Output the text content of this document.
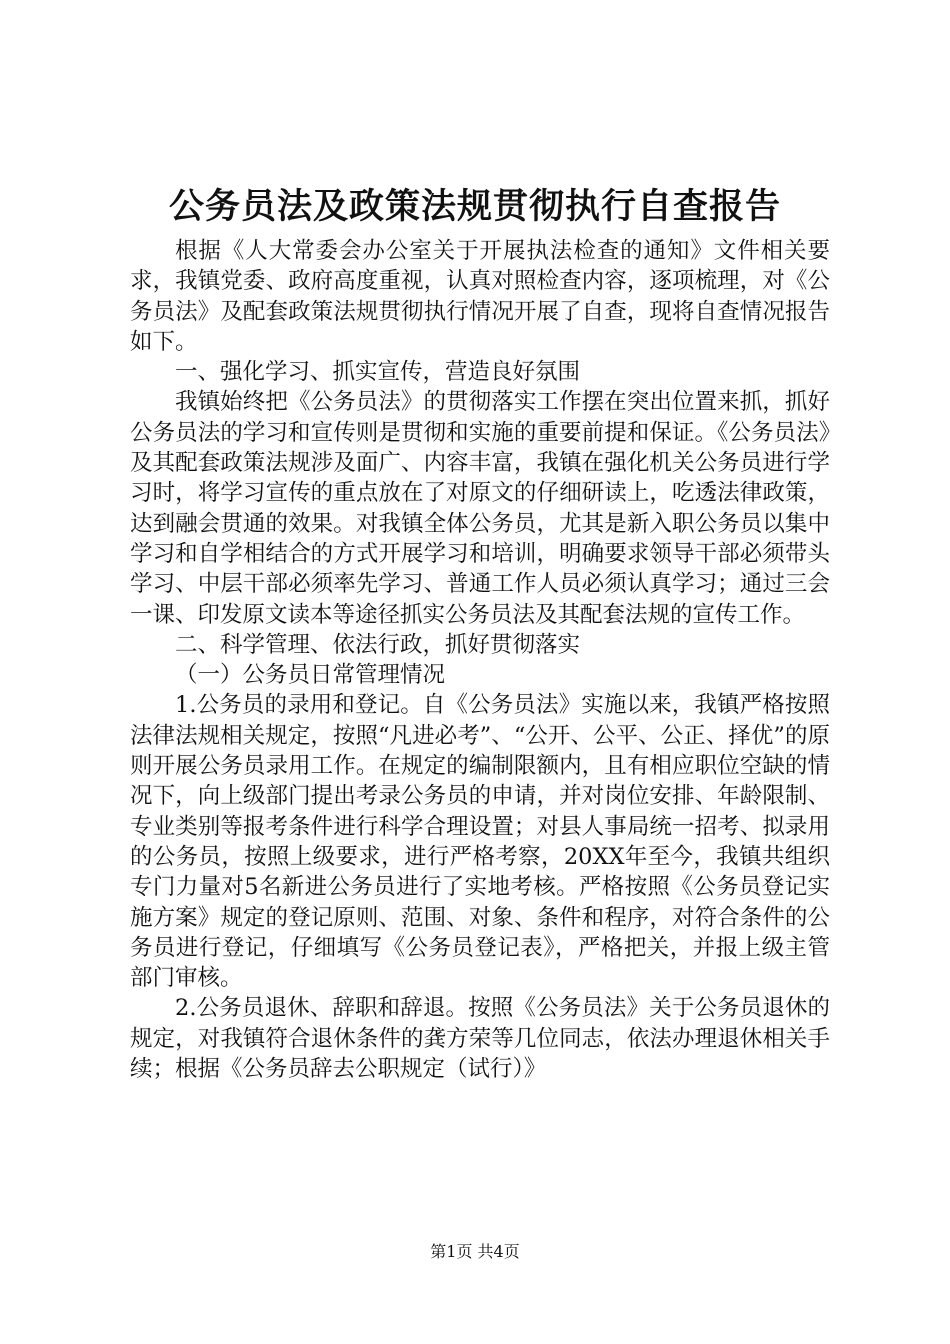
公务员法及政策法规贯彻执行自查报告

根据《人大常委会办公室关于开展执法检查的通知》文件相关要求，我镇党委、政府高度重视，认真对照检查内容，逐项梳理，对《公务员法》及配套政策法规贯彻执行情况开展了自查，现将自查情况报告如下。

一、强化学习、抓实宣传，营造良好氛围

我镇始终把《公务员法》的贯彻落实工作摆在突出位置来抓，抓好公务员法的学习和宣传则是贯彻和实施的重要前提和保证。《公务员法》及其配套政策法规涉及面广、内容丰富，我镇在强化机关公务员进行学习时，将学习宣传的重点放在了对原文的仔细研读上，吃透法律政策，达到融会贯通的效果。对我镇全体公务员，尤其是新入职公务员以集中学习和自学相结合的方式开展学习和培训，明确要求领导干部必须带头学习、中层干部必须率先学习、普通工作人员必须认真学习；通过三会一课、印发原文读本等途径抓实公务员法及其配套法规的宣传工作。

二、科学管理、依法行政，抓好贯彻落实

（一）公务员日常管理情况

1.公务员的录用和登记。自《公务员法》实施以来，我镇严格按照法律法规相关规定，按照“凡进必考”、“公开、公平、公正、择优”的原则开展公务员录用工作。在规定的编制限额内，且有相应职位空缺的情况下，向上级部门提出考录公务员的申请，并对岗位安排、年龄限制、专业类别等报考条件进行科学合理设置；对县人事局统一招考、拟录用的公务员，按照上级要求，进行严格考察，20XX年至今，我镇共组织专门力量对5名新进公务员进行了实地考核。严格按照《公务员登记实施方案》规定的登记原则、范围、对象、条件和程序，对符合条件的公务员进行登记，仔细填写《公务员登记表》，严格把关，并报上级主管部门审核。

2.公务员退休、辞职和辞退。按照《公务员法》关于公务员退休的规定，对我镇符合退休条件的龚方荣等几位同志，依法办理退休相关手续；根据《公务员辞去公职规定（试行）》

第1页 共4页
